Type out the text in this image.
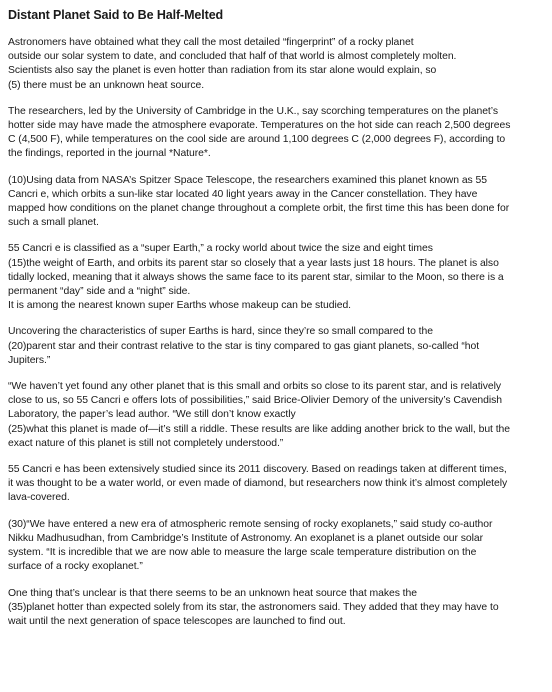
Distant Planet Said to Be Half-Melted
Astronomers have obtained what they call the most detailed “fingerprint” of a rocky planet
outside our solar system to date, and concluded that half of that world is almost completely molten.
Scientists also say the planet is even hotter than radiation from its star alone would explain, so
(5) there must be an unknown heat source.
The researchers, led by the University of Cambridge in the U.K., say scorching temperatures on the planet’s
hotter side may have made the atmosphere evaporate. Temperatures on the hot side can reach 2,500 degrees
C (4,500 F), while temperatures on the cool side are around 1,100 degrees C (2,000 degrees F), according to
the findings, reported in the journal *Nature*.
(10)Using data from NASA’s Spitzer Space Telescope, the researchers examined this planet known as 55
Cancri e, which orbits a sun-like star located 40 light years away in the Cancer constellation. They have
mapped how conditions on the planet change throughout a complete orbit, the first time this has been done for
such a small planet.
55 Cancri e is classified as a “super Earth,” a rocky world about twice the size and eight times
(15)the weight of Earth, and orbits its parent star so closely that a year lasts just 18 hours. The planet is also
tidally locked, meaning that it always shows the same face to its parent star, similar to the Moon, so there is a
permanent “day” side and a “night” side.
It is among the nearest known super Earths whose makeup can be studied.
Uncovering the characteristics of super Earths is hard, since they’re so small compared to the
(20)parent star and their contrast relative to the star is tiny compared to gas giant planets, so-called “hot
Jupiters.”
“We haven’t yet found any other planet that is this small and orbits so close to its parent star, and is relatively
close to us, so 55 Cancri e offers lots of possibilities,” said Brice-Olivier Demory of the university’s Cavendish
Laboratory, the paper’s lead author. “We still don’t know exactly
(25)what this planet is made of—it’s still a riddle. These results are like adding another brick to the wall, but the
exact nature of this planet is still not completely understood.”
55 Cancri e has been extensively studied since its 2011 discovery. Based on readings taken at different times,
it was thought to be a water world, or even made of diamond, but researchers now think it’s almost completely
lava-covered.
(30)“We have entered a new era of atmospheric remote sensing of rocky exoplanets,” said study co-author
Nikku Madhusudhan, from Cambridge’s Institute of Astronomy. An exoplanet is a planet outside our solar
system. “It is incredible that we are now able to measure the large scale temperature distribution on the
surface of a rocky exoplanet.”
One thing that’s unclear is that there seems to be an unknown heat source that makes the
(35)planet hotter than expected solely from its star, the astronomers said. They added that they may have to
wait until the next generation of space telescopes are launched to find out.
